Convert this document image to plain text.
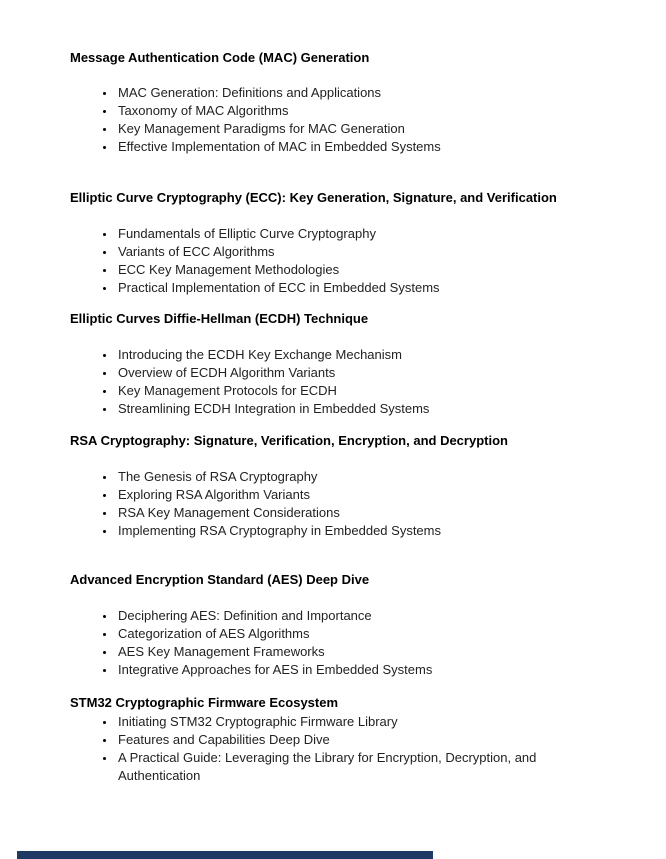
Message Authentication Code (MAC) Generation
• MAC Generation: Definitions and Applications
• Taxonomy of MAC Algorithms
• Key Management Paradigms for MAC Generation
• Effective Implementation of MAC in Embedded Systems
Elliptic Curve Cryptography (ECC): Key Generation, Signature, and Verification
• Fundamentals of Elliptic Curve Cryptography
• Variants of ECC Algorithms
• ECC Key Management Methodologies
• Practical Implementation of ECC in Embedded Systems
Elliptic Curves Diffie-Hellman (ECDH) Technique
• Introducing the ECDH Key Exchange Mechanism
• Overview of ECDH Algorithm Variants
• Key Management Protocols for ECDH
• Streamlining ECDH Integration in Embedded Systems
RSA Cryptography: Signature, Verification, Encryption, and Decryption
• The Genesis of RSA Cryptography
• Exploring RSA Algorithm Variants
• RSA Key Management Considerations
• Implementing RSA Cryptography in Embedded Systems
Advanced Encryption Standard (AES) Deep Dive
• Deciphering AES: Definition and Importance
• Categorization of AES Algorithms
• AES Key Management Frameworks
• Integrative Approaches for AES in Embedded Systems
STM32 Cryptographic Firmware Ecosystem
• Initiating STM32 Cryptographic Firmware Library
• Features and Capabilities Deep Dive
• A Practical Guide: Leveraging the Library for Encryption, Decryption, and Authentication
